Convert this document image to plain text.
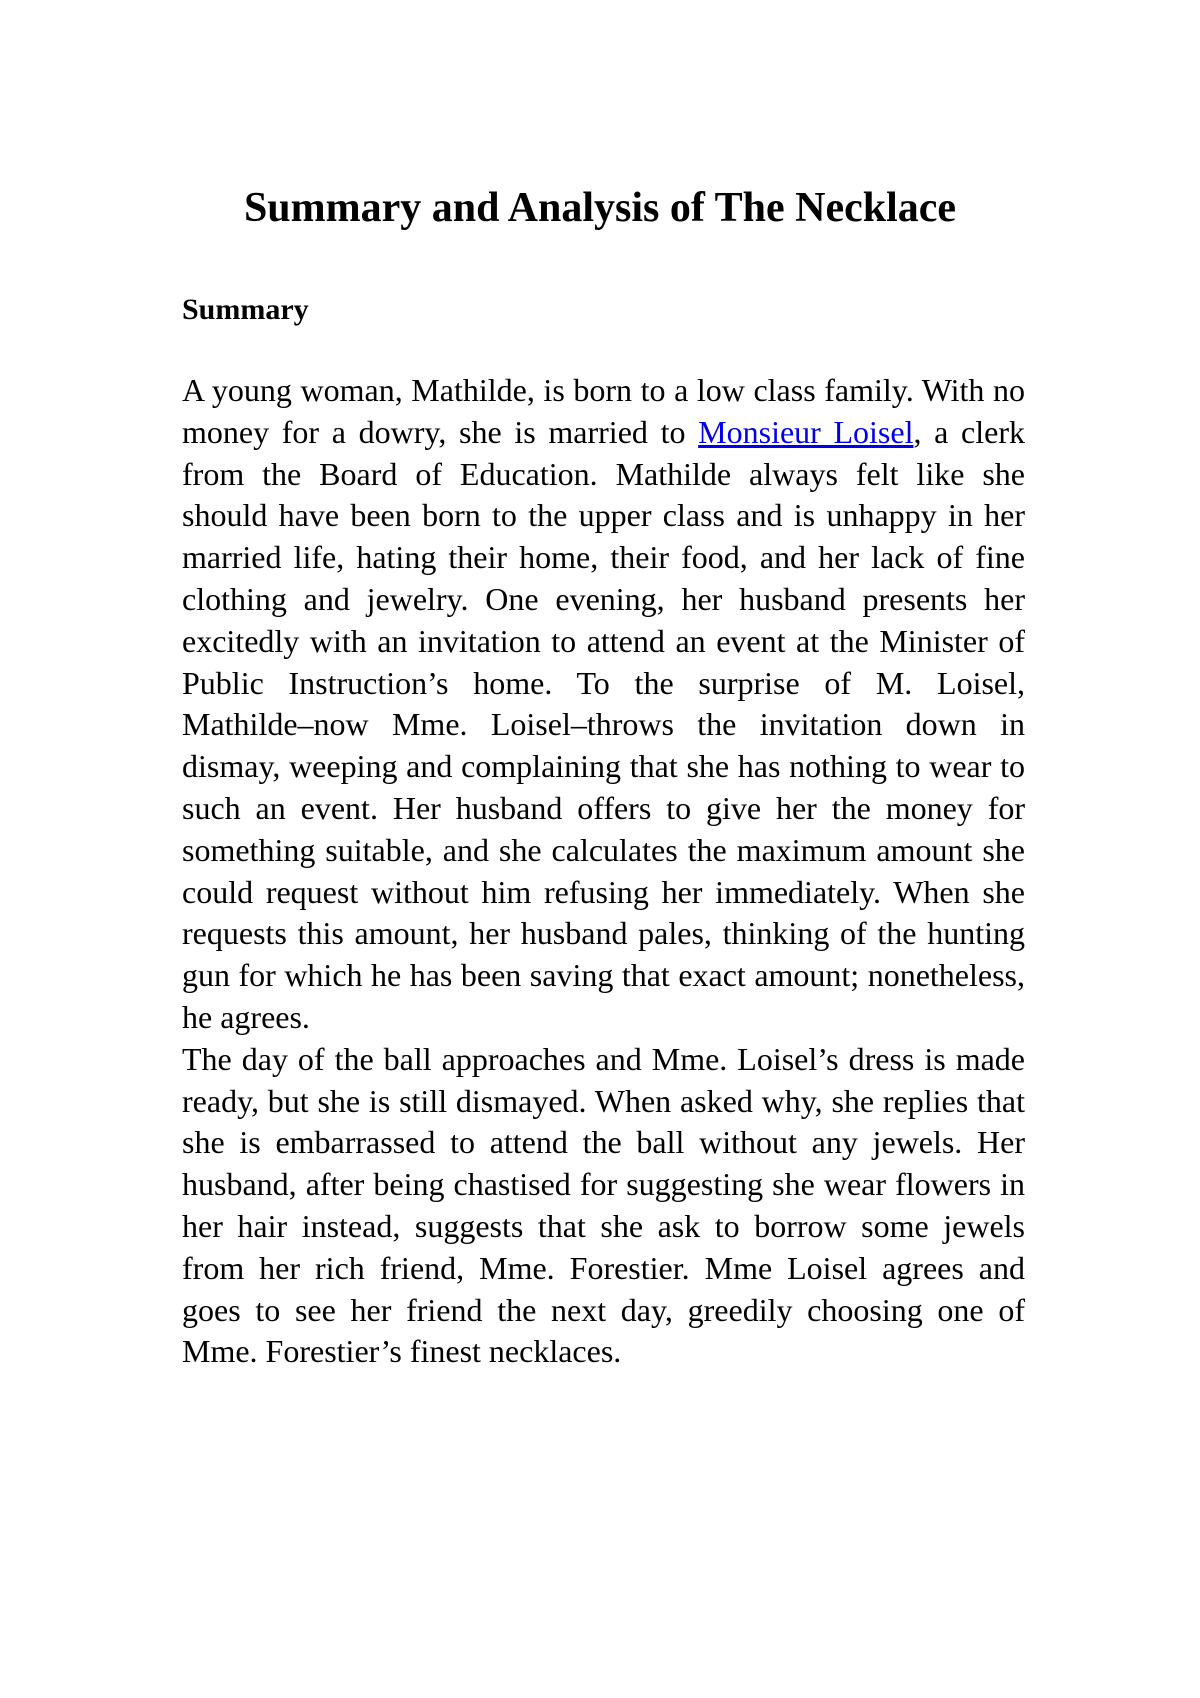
Summary and Analysis of The Necklace
Summary

A young woman, Mathilde, is born to a low class family. With no money for a dowry, she is married to Monsieur Loisel, a clerk from the Board of Education. Mathilde always felt like she should have been born to the upper class and is unhappy in her married life, hating their home, their food, and her lack of fine clothing and jewelry. One evening, her husband presents her excitedly with an invitation to attend an event at the Minister of Public Instruction’s home. To the surprise of M. Loisel, Mathilde–now Mme. Loisel–throws the invitation down in dismay, weeping and complaining that she has nothing to wear to such an event. Her husband offers to give her the money for something suitable, and she calculates the maximum amount she could request without him refusing her immediately. When she requests this amount, her husband pales, thinking of the hunting gun for which he has been saving that exact amount; nonetheless, he agrees.

The day of the ball approaches and Mme. Loisel’s dress is made ready, but she is still dismayed. When asked why, she replies that she is embarrassed to attend the ball without any jewels. Her husband, after being chastised for suggesting she wear flowers in her hair instead, suggests that she ask to borrow some jewels from her rich friend, Mme. Forestier. Mme Loisel agrees and goes to see her friend the next day, greedily choosing one of Mme. Forestier’s finest necklaces.
